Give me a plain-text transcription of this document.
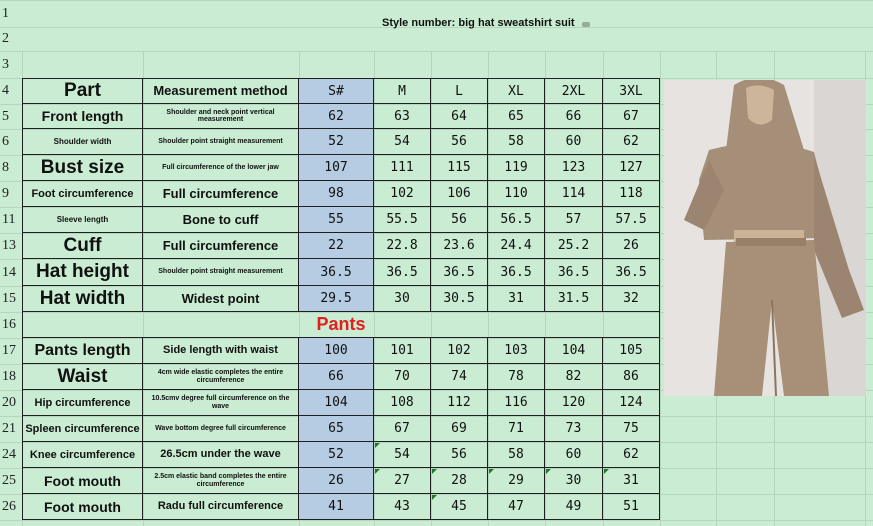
1
2
3
4
5
6
8
9
11
13
14
15
16
17
18
20
21
24
25
26
Style number: big hat sweatshirt suit
Part	Measurement method	S#	M	L	XL	2XL	3XL
Front length	Shoulder and neck point vertical measurement	62	63	64	65	66	67
Shoulder width	Shoulder point straight measurement	52	54	56	58	60	62
Bust size	Full circumference of the lower jaw	107	111	115	119	123	127
Foot circumference	Full circumference	98	102	106	110	114	118
Sleeve length	Bone to cuff	55	55.5	56	56.5	57	57.5
Cuff	Full circumference	22	22.8	23.6	24.4	25.2	26
Hat height	Shoulder point straight measurement	36.5	36.5	36.5	36.5	36.5	36.5
Hat width	Widest point	29.5	30	30.5	31	31.5	32
Pants
Pants length	Side length with waist	100	101	102	103	104	105
Waist	4cm wide elastic completes the entire circumference	66	70	74	78	82	86
Hip circumference	10.5cmv degree full circumference on the wave	104	108	112	116	120	124
Spleen circumference	Wave bottom degree full circumference	65	67	69	71	73	75
Knee circumference	26.5cm under the wave	52	54	56	58	60	62
Foot mouth	2.5cm elastic band completes the entire circumference	26	27	28	29	30	31
Foot mouth	Radu full circumference	41	43	45	47	49	51
